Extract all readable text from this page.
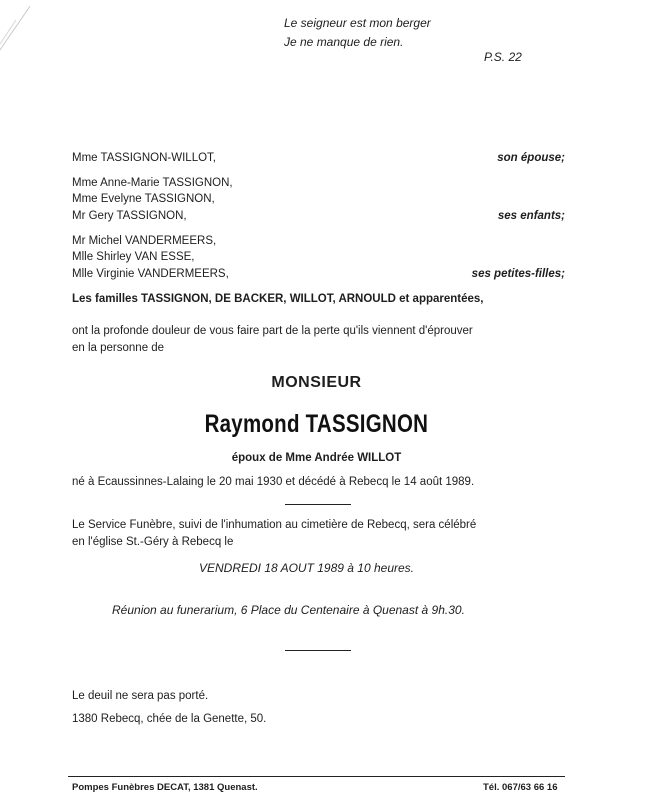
Le seigneur est mon berger
Je ne manque de rien.
P.S. 22
Mme TASSIGNON-WILLOT,	son épouse;
Mme Anne-Marie TASSIGNON,
Mme Evelyne TASSIGNON,
Mr Gery TASSIGNON,	ses enfants;
Mr Michel VANDERMEERS,
Mlle Shirley VAN ESSE,
Mlle Virginie VANDERMEERS,	ses petites-filles;
Les familles TASSIGNON, DE BACKER, WILLOT, ARNOULD et apparentées,
ont la profonde douleur de vous faire part de la perte qu'ils viennent d'éprouver
en la personne de
MONSIEUR
Raymond TASSIGNON
époux de Mme Andrée WILLOT
né à Ecaussinnes-Lalaing le 20 mai 1930 et décédé à Rebecq le 14 août 1989.
Le Service Funèbre, suivi de l'inhumation au cimetière de Rebecq, sera célébré
en l'église St.-Géry à Rebecq le
VENDREDI 18 AOUT 1989 à 10 heures.
Réunion au funerarium, 6 Place du Centenaire à Quenast à 9h.30.
Le deuil ne sera pas porté.
1380 Rebecq, chée de la Genette, 50.
Pompes Funèbres DECAT, 1381 Quenast.	Tél. 067/63 66 16
